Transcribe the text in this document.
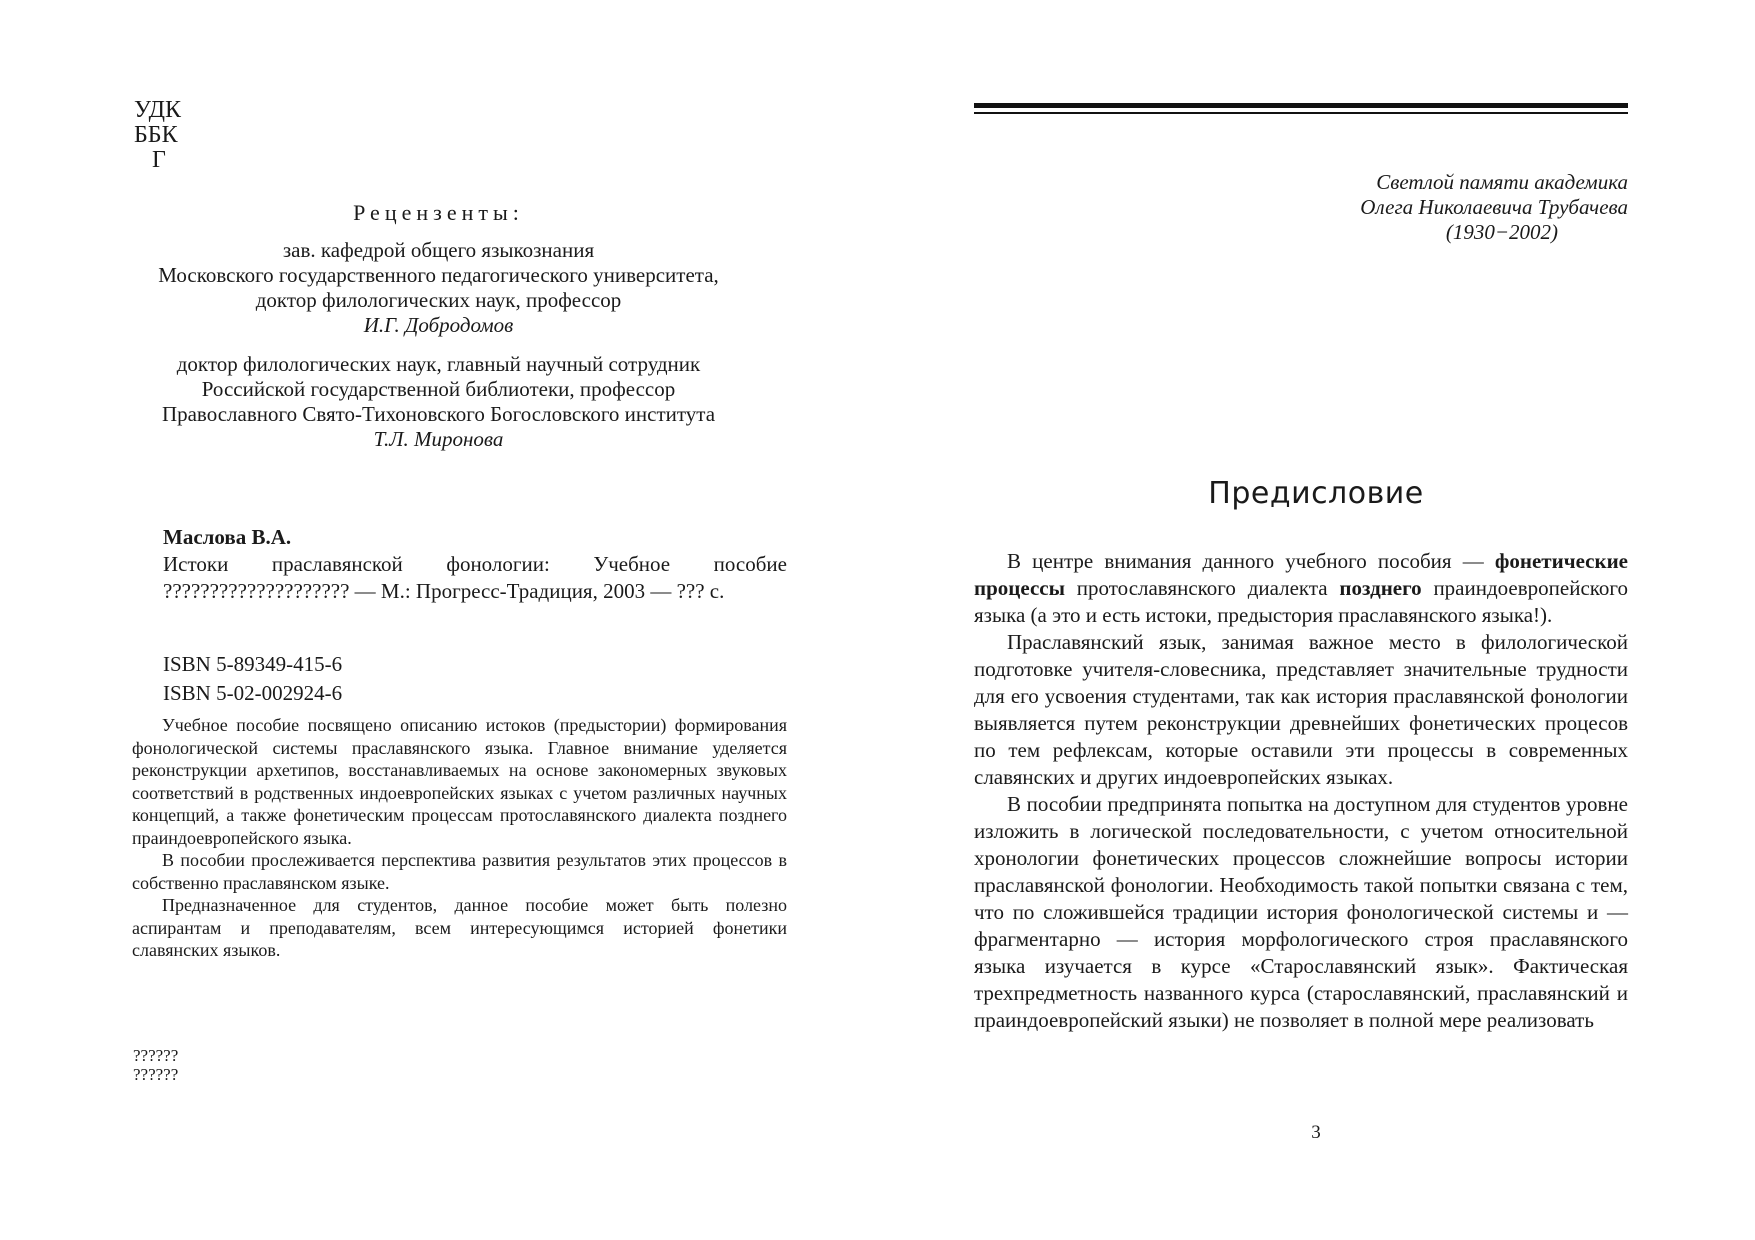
УДК
ББК
Г
Рецензенты:
зав. кафедрой общего языкознания
Московского государственного педагогического университета,
доктор филологических наук, профессор
И.Г. Добродомов
доктор филологических наук, главный научный сотрудник
Российской государственной библиотеки, профессор
Православного Свято-Тихоновского Богословского института
Т.Л. Миронова
Маслова В.А.
Истоки праславянской фонологии: Учебное пособие
???????????????????? — М.: Прогресс-Традиция, 2003 — ??? с.
ISBN 5-89349-415-6
ISBN 5-02-002924-6

Учебное пособие посвящено описанию истоков (предыстории) формирования фонологической системы праславянского языка. Главное внимание уделяется реконструкции архетипов, восстанавливаемых на основе закономерных звуковых соответствий в родственных индоевропейских языках с учетом различных научных концепций, а также фонетическим процессам протославянского диалекта позднего праиндоевропейского языка.

В пособии прослеживается перспектива развития результатов этих процессов в собственно праславянском языке.

Предназначенное для студентов, данное пособие может быть полезно аспирантам и преподавателям, всем интересующимся историей фонетики славянских языков.

??????
??????
Светлой памяти академика
Олега Николаевича Трубачева
(1930−2002)
Предисловие

В центре внимания данного учебного пособия — фонетические процессы протославянского диалекта позднего праиндоевропейского языка (а это и есть истоки, предыстория праславянского языка!).

Праславянский язык, занимая важное место в филологической подготовке учителя-словесника, представляет значительные трудности для его усвоения студентами, так как история праславянской фонологии выявляется путем реконструкции древнейших фонетических процесов по тем рефлексам, которые оставили эти процессы в современных славянских и других индоевропейских языках.

В пособии предпринята попытка на доступном для студентов уровне изложить в логической последовательности, с учетом относительной хронологии фонетических процессов сложнейшие вопросы истории праславянской фонологии. Необходимость такой попытки связана с тем, что по сложившейся традиции история фонологической системы и — фрагментарно — история морфологического строя праславянского языка изучается в курсе «Старославянский язык». Фактическая трехпредметность названного курса (старославянский, праславянский и праиндоевропейский языки) не позволяет в полной мере реализовать

3
